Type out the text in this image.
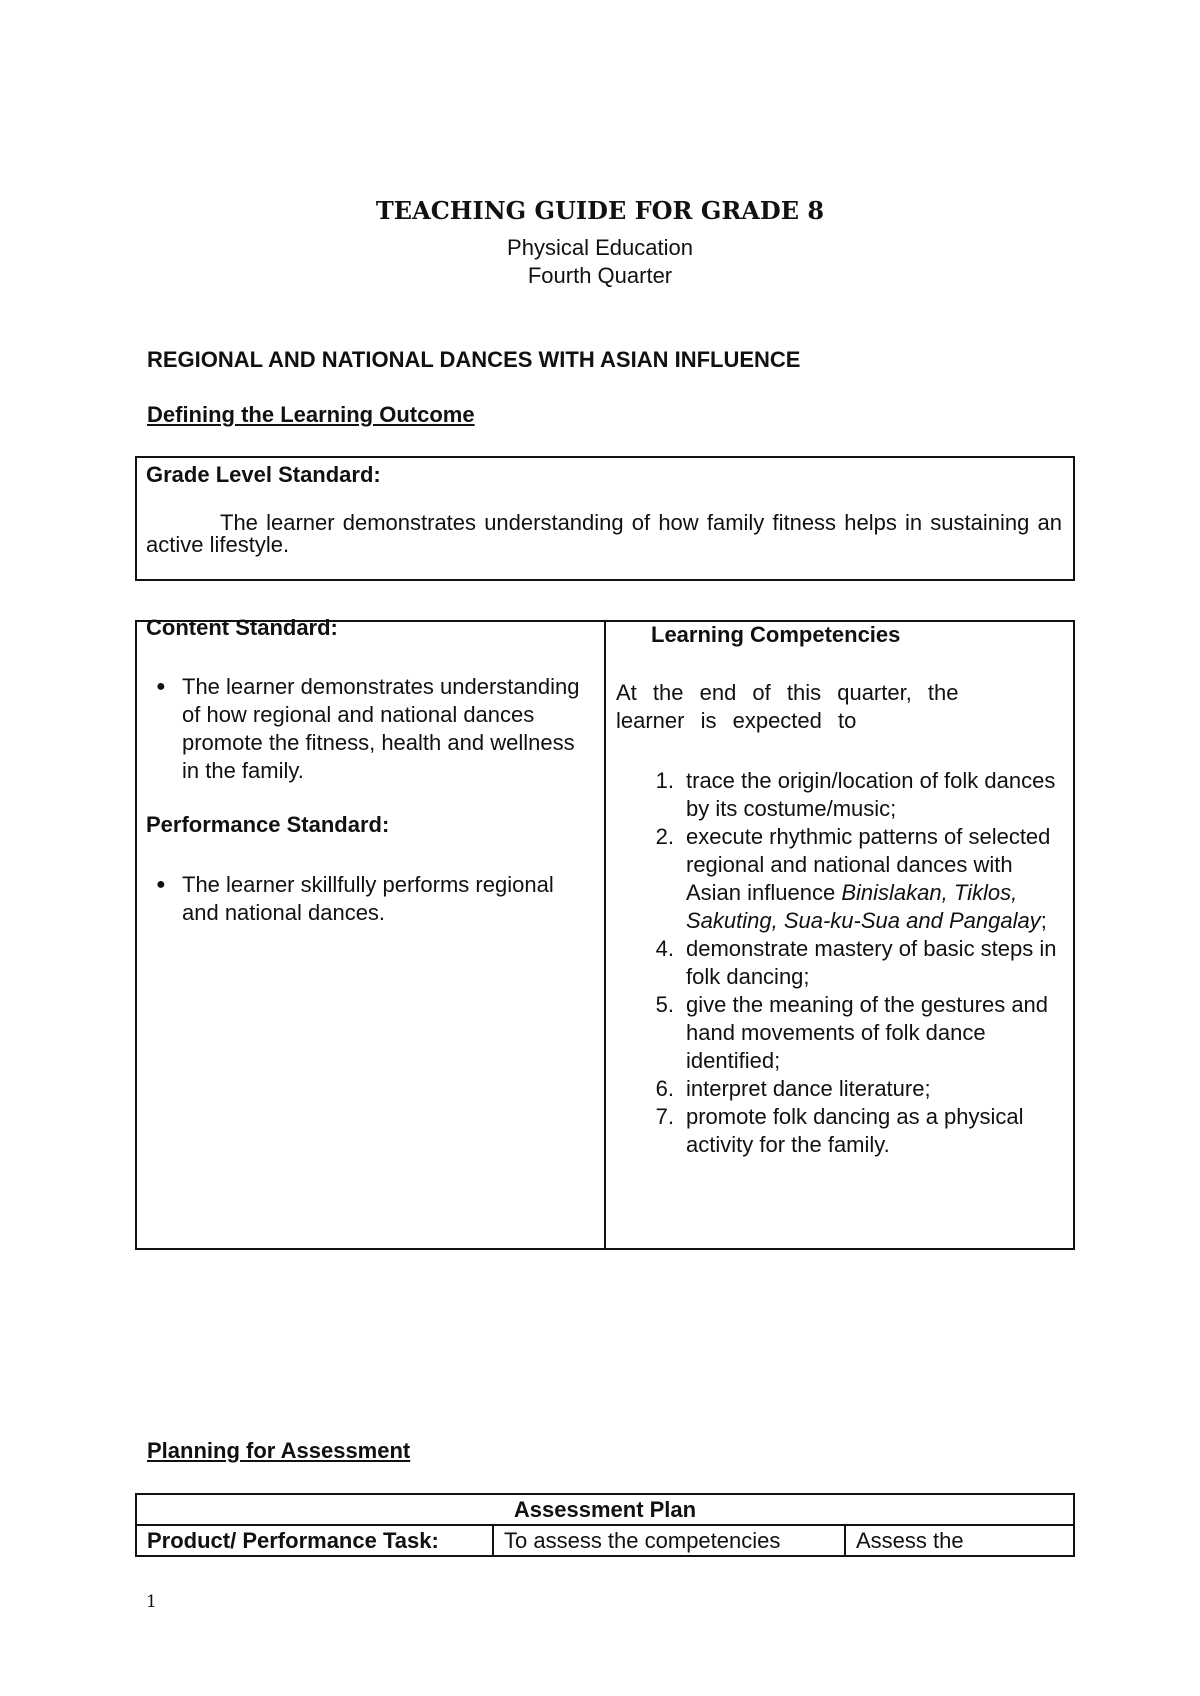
TEACHING GUIDE FOR GRADE 8
Physical Education
Fourth Quarter
REGIONAL AND NATIONAL DANCES WITH ASIAN INFLUENCE
Defining the Learning Outcome
Grade Level Standard:
The learner demonstrates understanding of how family fitness helps in sustaining an active lifestyle.
Content Standard:
● The learner demonstrates understanding of how regional and national dances promote the fitness, health and wellness in the family.
Performance Standard:
● The learner skillfully performs regional and national dances.
Learning Competencies
At the end of this quarter, the learner is expected to
1. trace the origin/location of folk dances by its costume/music;
2. execute rhythmic patterns of selected regional and national dances with Asian influence Binislakan, Tiklos, Sakuting, Sua-ku-Sua and Pangalay;
4. demonstrate mastery of basic steps in folk dancing;
5. give the meaning of the gestures and hand movements of folk dance identified;
6. interpret dance literature;
7. promote folk dancing as a physical activity for the family.
Planning for Assessment
Assessment Plan
Product/ Performance Task:	To assess the competencies	Assess the
1
